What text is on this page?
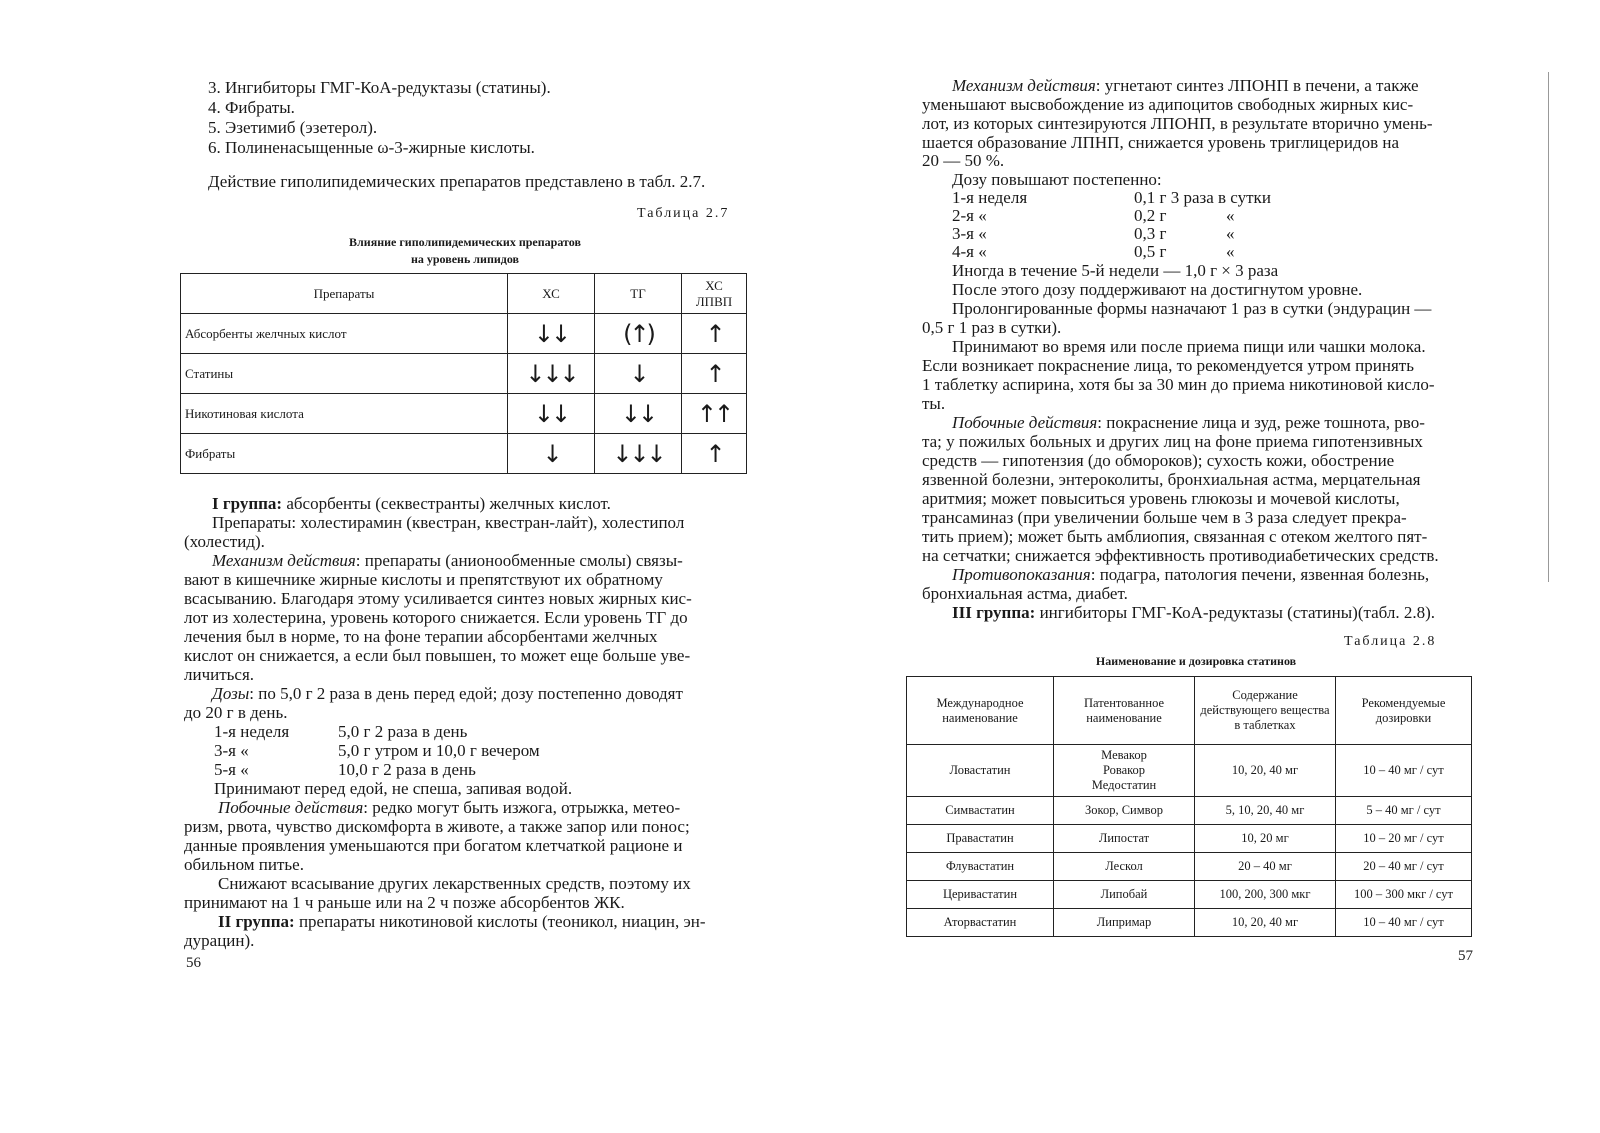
3. Ингибиторы ГМГ-КоА-редуктазы (статины).
4. Фибраты.
5. Эзетимиб (эзетерол).
6. Полиненасыщенные ω-3-жирные кислоты.
Действие гиполипидемических препаратов представлено в табл. 2.7.
Таблица 2.7
Влияние гиполипидемических препаратов
на уровень липидов
Препараты	ХС	ТГ	ХС ЛПВП
Абсорбенты желчных кислот	↓↓	(↑)	↑
Статины	↓↓↓	↓	↑
Никотиновая кислота	↓↓	↓↓	↑↑
Фибраты	↓	↓↓↓	↑
I группа: абсорбенты (секвестранты) желчных кислот.
Препараты: холестирамин (квестран, квестран-лайт), холестипол
(холестид).
Механизм действия: препараты (анионообменные смолы) связы-
вают в кишечнике жирные кислоты и препятствуют их обратному
всасыванию. Благодаря этому усиливается синтез новых жирных кис-
лот из холестерина, уровень которого снижается. Если уровень ТГ до
лечения был в норме, то на фоне терапии абсорбентами желчных
кислот он снижается, а если был повышен, то может еще больше уве-
личиться.
Дозы: по 5,0 г 2 раза в день перед едой; дозу постепенно доводят
до 20 г в день.
1-я неделя	5,0 г 2 раза в день
3-я «	5,0 г утром и 10,0 г вечером
5-я «	10,0 г 2 раза в день
Принимают перед едой, не спеша, запивая водой.
Побочные действия: редко могут быть изжога, отрыжка, метео-
ризм, рвота, чувство дискомфорта в животе, а также запор или понос;
данные проявления уменьшаются при богатом клетчаткой рационе и
обильном питье.
Снижают всасывание других лекарственных средств, поэтому их
принимают на 1 ч раньше или на 2 ч позже абсорбентов ЖК.
II группа: препараты никотиновой кислоты (теоникол, ниацин, эн-
дурацин).
56
Механизм действия: угнетают синтез ЛПОНП в печени, а также
уменьшают высвобождение из адипоцитов свободных жирных кис-
лот, из которых синтезируются ЛПОНП, в результате вторично умень-
шается образование ЛПНП, снижается уровень триглицеридов на
20 — 50 %.
Дозу повышают постепенно:
1-я неделя	0,1 г 3 раза в сутки
2-я «	0,2 г	«
3-я «	0,3 г	«
4-я «	0,5 г	«
Иногда в течение 5-й недели — 1,0 г × 3 раза
После этого дозу поддерживают на достигнутом уровне.
Пролонгированные формы назначают 1 раз в сутки (эндурацин —
0,5 г 1 раз в сутки).
Принимают во время или после приема пищи или чашки молока.
Если возникает покраснение лица, то рекомендуется утром принять
1 таблетку аспирина, хотя бы за 30 мин до приема никотиновой кисло-
ты.
Побочные действия: покраснение лица и зуд, реже тошнота, рво-
та; у пожилых больных и других лиц на фоне приема гипотензивных
средств — гипотензия (до обмороков); сухость кожи, обострение
язвенной болезни, энтероколиты, бронхиальная астма, мерцательная
аритмия; может повыситься уровень глюкозы и мочевой кислоты,
трансаминаз (при увеличении больше чем в 3 раза следует прекра-
тить прием); может быть амблиопия, связанная с отеком желтого пят-
на сетчатки; снижается эффективность противодиабетических средств.
Противопоказания: подагра, патология печени, язвенная болезнь,
бронхиальная астма, диабет.
III группа: ингибиторы ГМГ-КоА-редуктазы (статины)(табл. 2.8).
Таблица 2.8
Наименование и дозировка статинов
Международное наименование	Патентованное наименование	Содержание действующего вещества в таблетках	Рекомендуемые дозировки
Ловастатин	Мевакор
Ровакор
Медостатин	10, 20, 40 мг	10 – 40 мг / сут
Симвастатин	Зокор, Симвор	5, 10, 20, 40 мг	5 – 40 мг / сут
Правастатин	Липостат	10, 20 мг	10 – 20 мг / сут
Флувастатин	Лескол	20 – 40 мг	20 – 40 мг / сут
Церивастатин	Липобай	100, 200, 300 мкг	100 – 300 мкг / сут
Аторвастатин	Липримар	10, 20, 40 мг	10 – 40 мг / сут
57
